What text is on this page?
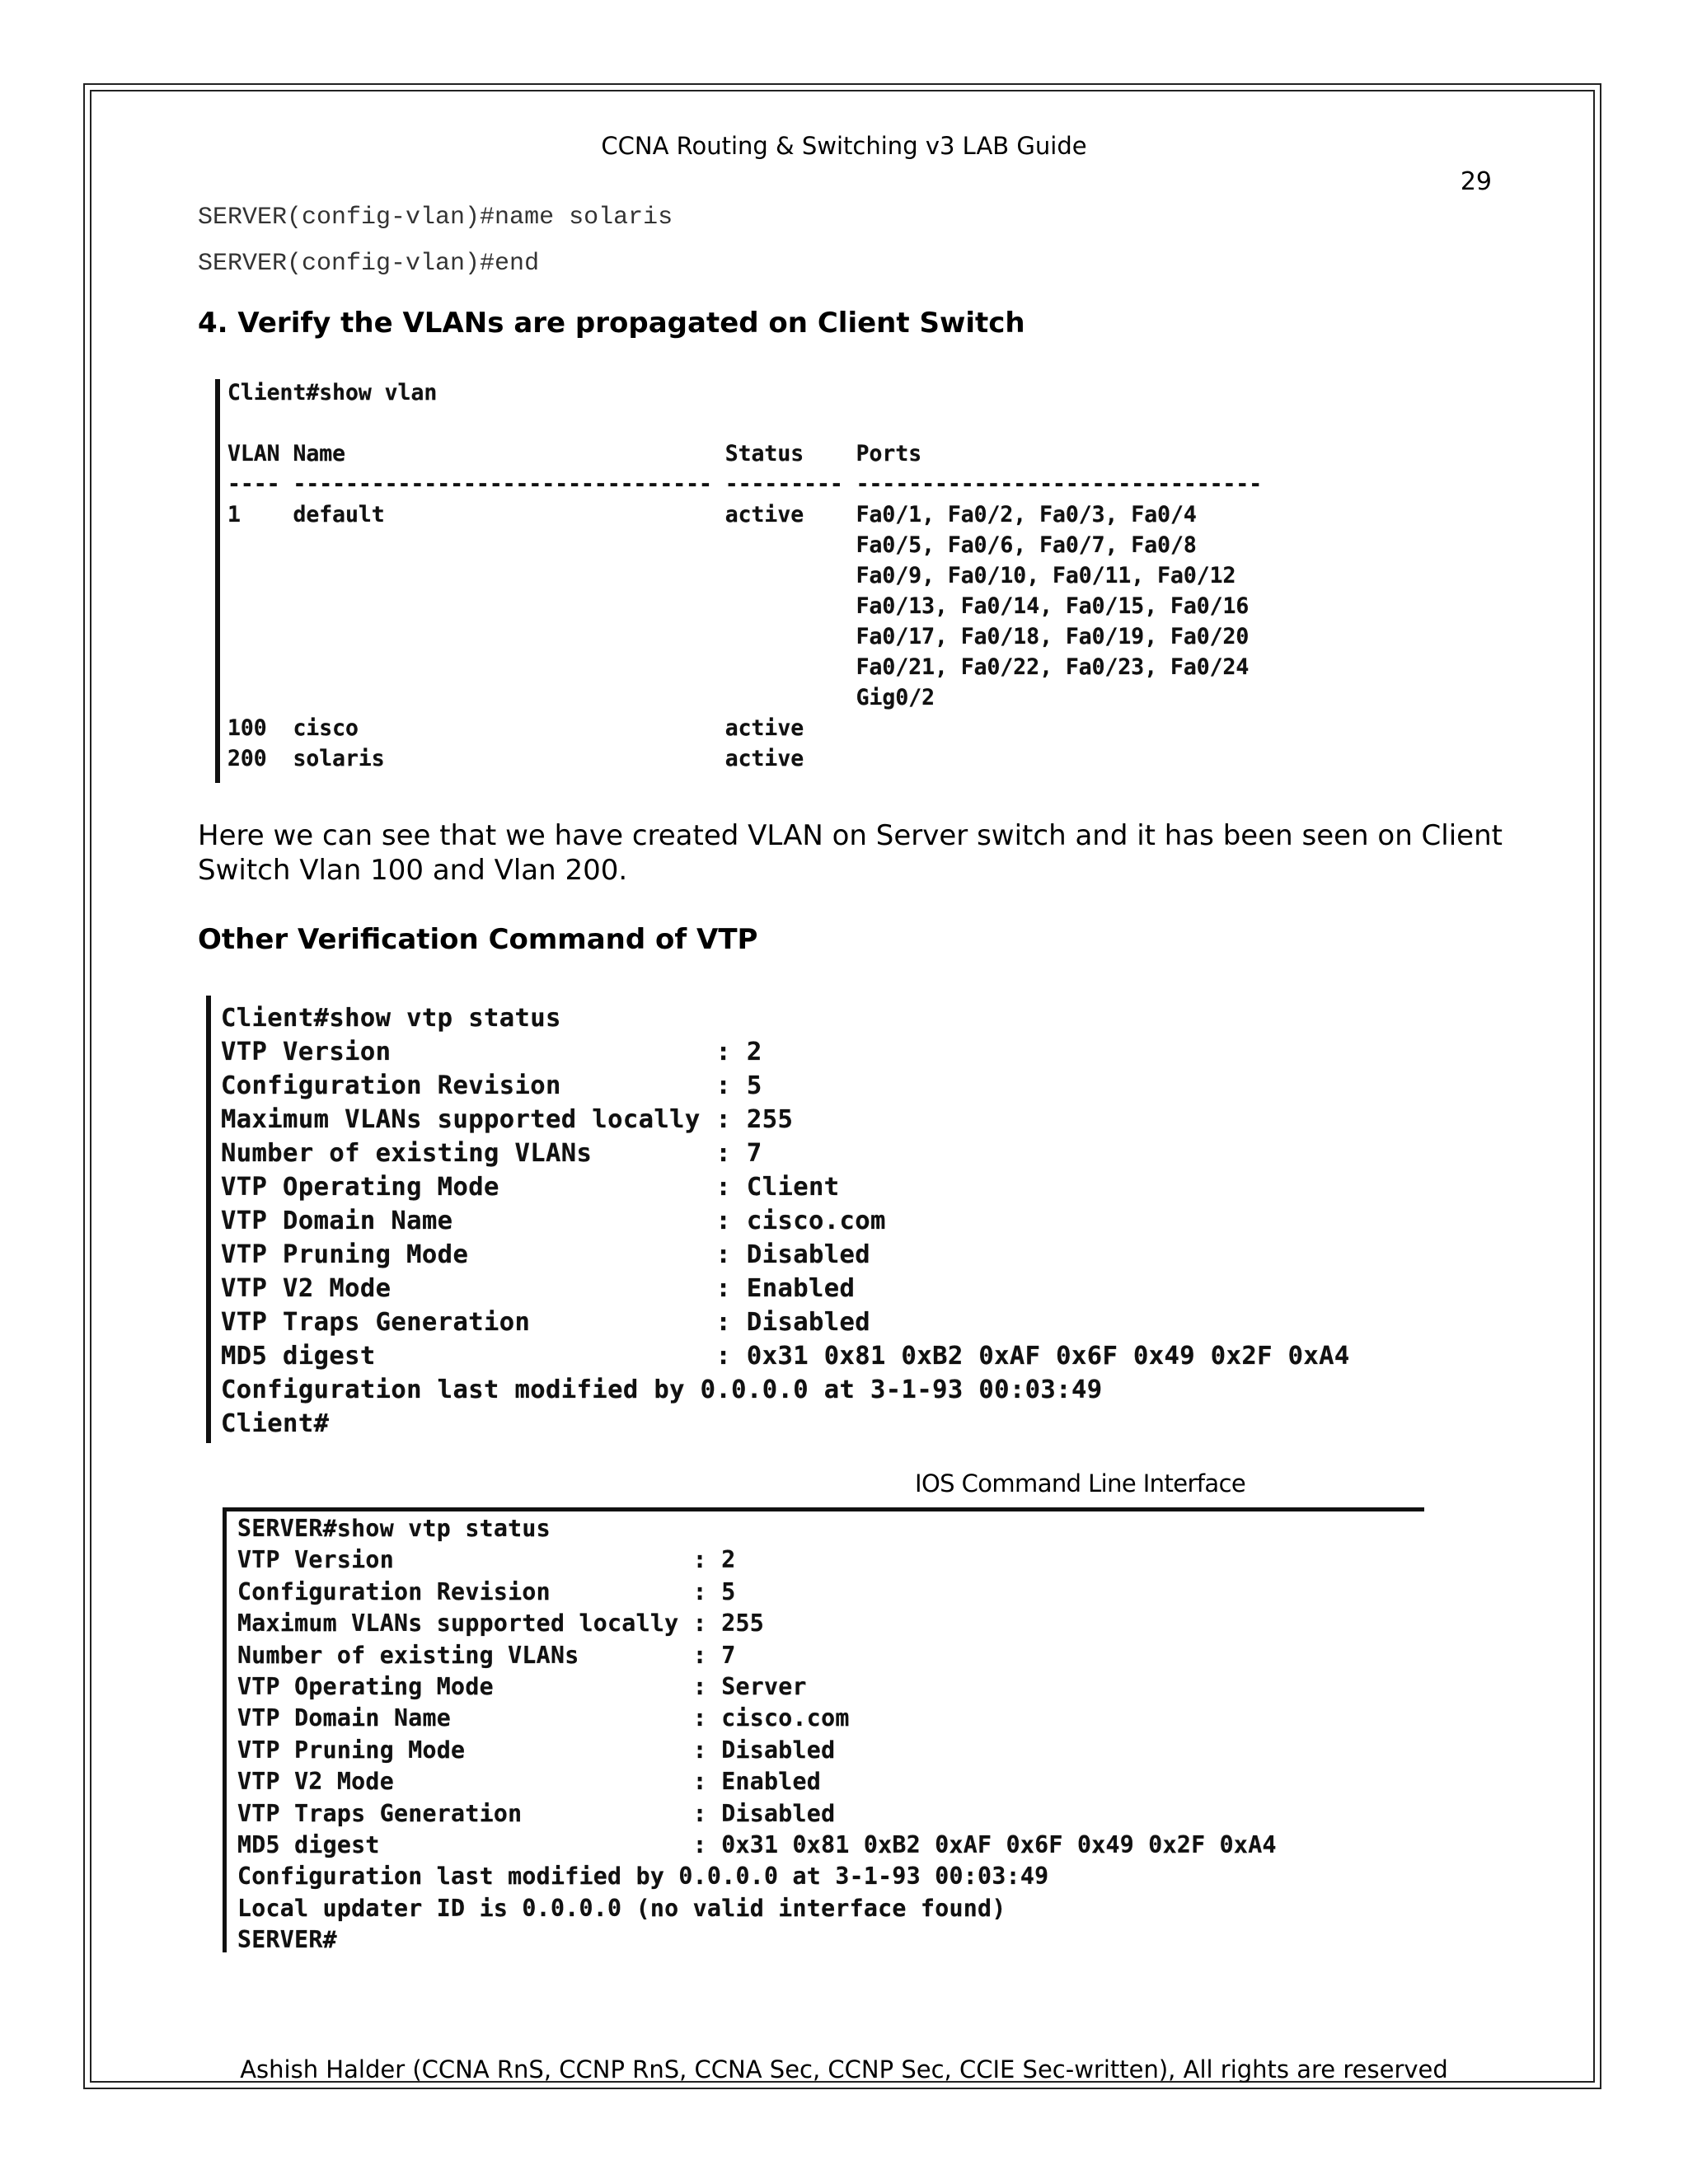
CCNA Routing & Switching v3 LAB Guide
29
SERVER(config-vlan)#name solaris
SERVER(config-vlan)#end
4. Verify the VLANs are propagated on Client Switch
Client#show vlan

VLAN Name                             Status    Ports
---- -------------------------------- --------- -------------------------------
1    default                          active    Fa0/1, Fa0/2, Fa0/3, Fa0/4
Fa0/5, Fa0/6, Fa0/7, Fa0/8
Fa0/9, Fa0/10, Fa0/11, Fa0/12
Fa0/13, Fa0/14, Fa0/15, Fa0/16
Fa0/17, Fa0/18, Fa0/19, Fa0/20
Fa0/21, Fa0/22, Fa0/23, Fa0/24
Gig0/2
100  cisco                            active
200  solaris                          active
Here we can see that we have created VLAN on Server switch and it has been seen on Client Switch Vlan 100 and Vlan 200.
Other Verification Command of VTP
Client#show vtp status
VTP Version                     : 2
Configuration Revision          : 5
Maximum VLANs supported locally : 255
Number of existing VLANs        : 7
VTP Operating Mode              : Client
VTP Domain Name                 : cisco.com
VTP Pruning Mode                : Disabled
VTP V2 Mode                     : Enabled
VTP Traps Generation            : Disabled
MD5 digest                      : 0x31 0x81 0xB2 0xAF 0x6F 0x49 0x2F 0xA4
Configuration last modified by 0.0.0.0 at 3-1-93 00:03:49
Client#
IOS Command Line Interface
SERVER#show vtp status
VTP Version                     : 2
Configuration Revision          : 5
Maximum VLANs supported locally : 255
Number of existing VLANs        : 7
VTP Operating Mode              : Server
VTP Domain Name                 : cisco.com
VTP Pruning Mode                : Disabled
VTP V2 Mode                     : Enabled
VTP Traps Generation            : Disabled
MD5 digest                      : 0x31 0x81 0xB2 0xAF 0x6F 0x49 0x2F 0xA4
Configuration last modified by 0.0.0.0 at 3-1-93 00:03:49
Local updater ID is 0.0.0.0 (no valid interface found)
SERVER#
Ashish Halder (CCNA RnS, CCNP RnS, CCNA Sec, CCNP Sec, CCIE Sec-written), All rights are reserved
